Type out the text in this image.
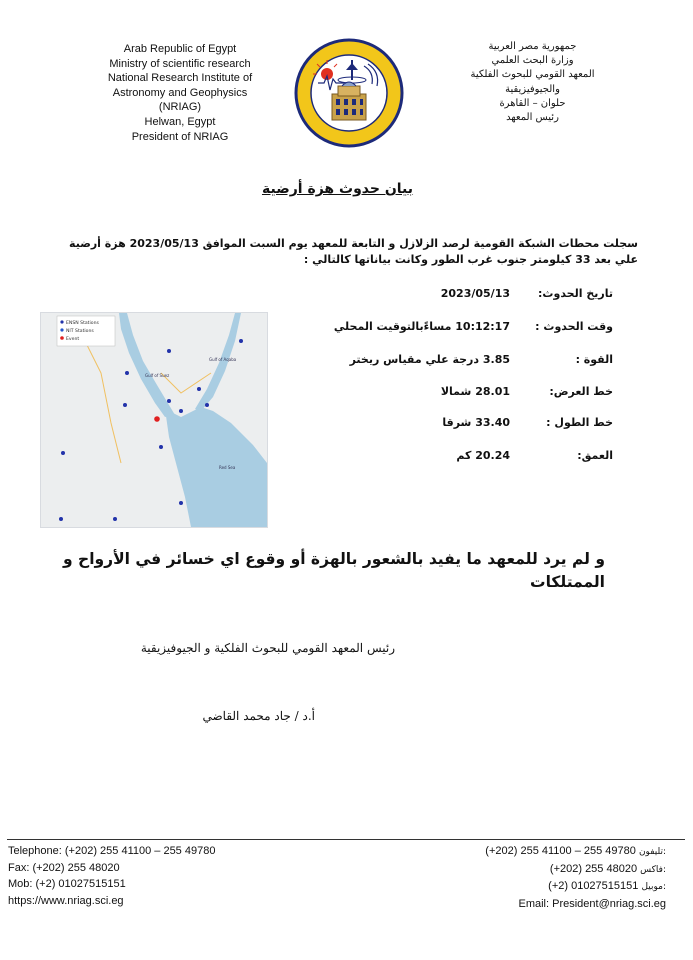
Arab Republic of Egypt
Ministry of scientific research
National Research Institute of
Astronomy and Geophysics
(NRIAG)
Helwan, Egypt
President of NRIAG
جمهورية مصر العربية
وزارة البحث العلمي
المعهد القومي للبحوث الفلكية
والجيوفيزيقية
حلوان – القاهرة
رئيس المعهد
بيان حدوث هزة أرضية
سجلت محطات الشبكة القومية لرصد الزلازل و التابعة للمعهد يوم السبت الموافق 2023/05/13 هزة أرضية علي بعد 33 كيلومتر جنوب غرب الطور وكانت بياناتها كالتالي :
تاريخ الحدوث:
2023/05/13
وقت الحدوث :
10:12:17 مساءًبالتوقيت المحلي
القوة :
3.85 درجة علي مقياس ريختر
خط العرض:
28.01 شمالا
خط الطول :
33.40 شرقا
العمق:
20.24 كم
ENSN Stations
NIT Stations
Event
Gulf of Suez
Red Sea
Gulf of Aqaba
و لم يرد للمعهد ما يفيد بالشعور بالهزة أو وقوع اي خسائر في الأرواح و الممتلكات
رئيس المعهد القومي للبحوث الفلكية و الجيوفيزيقية
أ.د / جاد محمد القاضي
Telephone: (+202) 255 41100 – 255 49780
Fax: (+202) 255 48020
Mob: (+2) 01027515151
https://www.nriag.sci.eg
(+202) 255 41100 – 255 49780 تليفون:
(+202) 255 48020 فاكس:
(+2) 01027515151 موبيل:
Email: President@nriag.sci.eg
